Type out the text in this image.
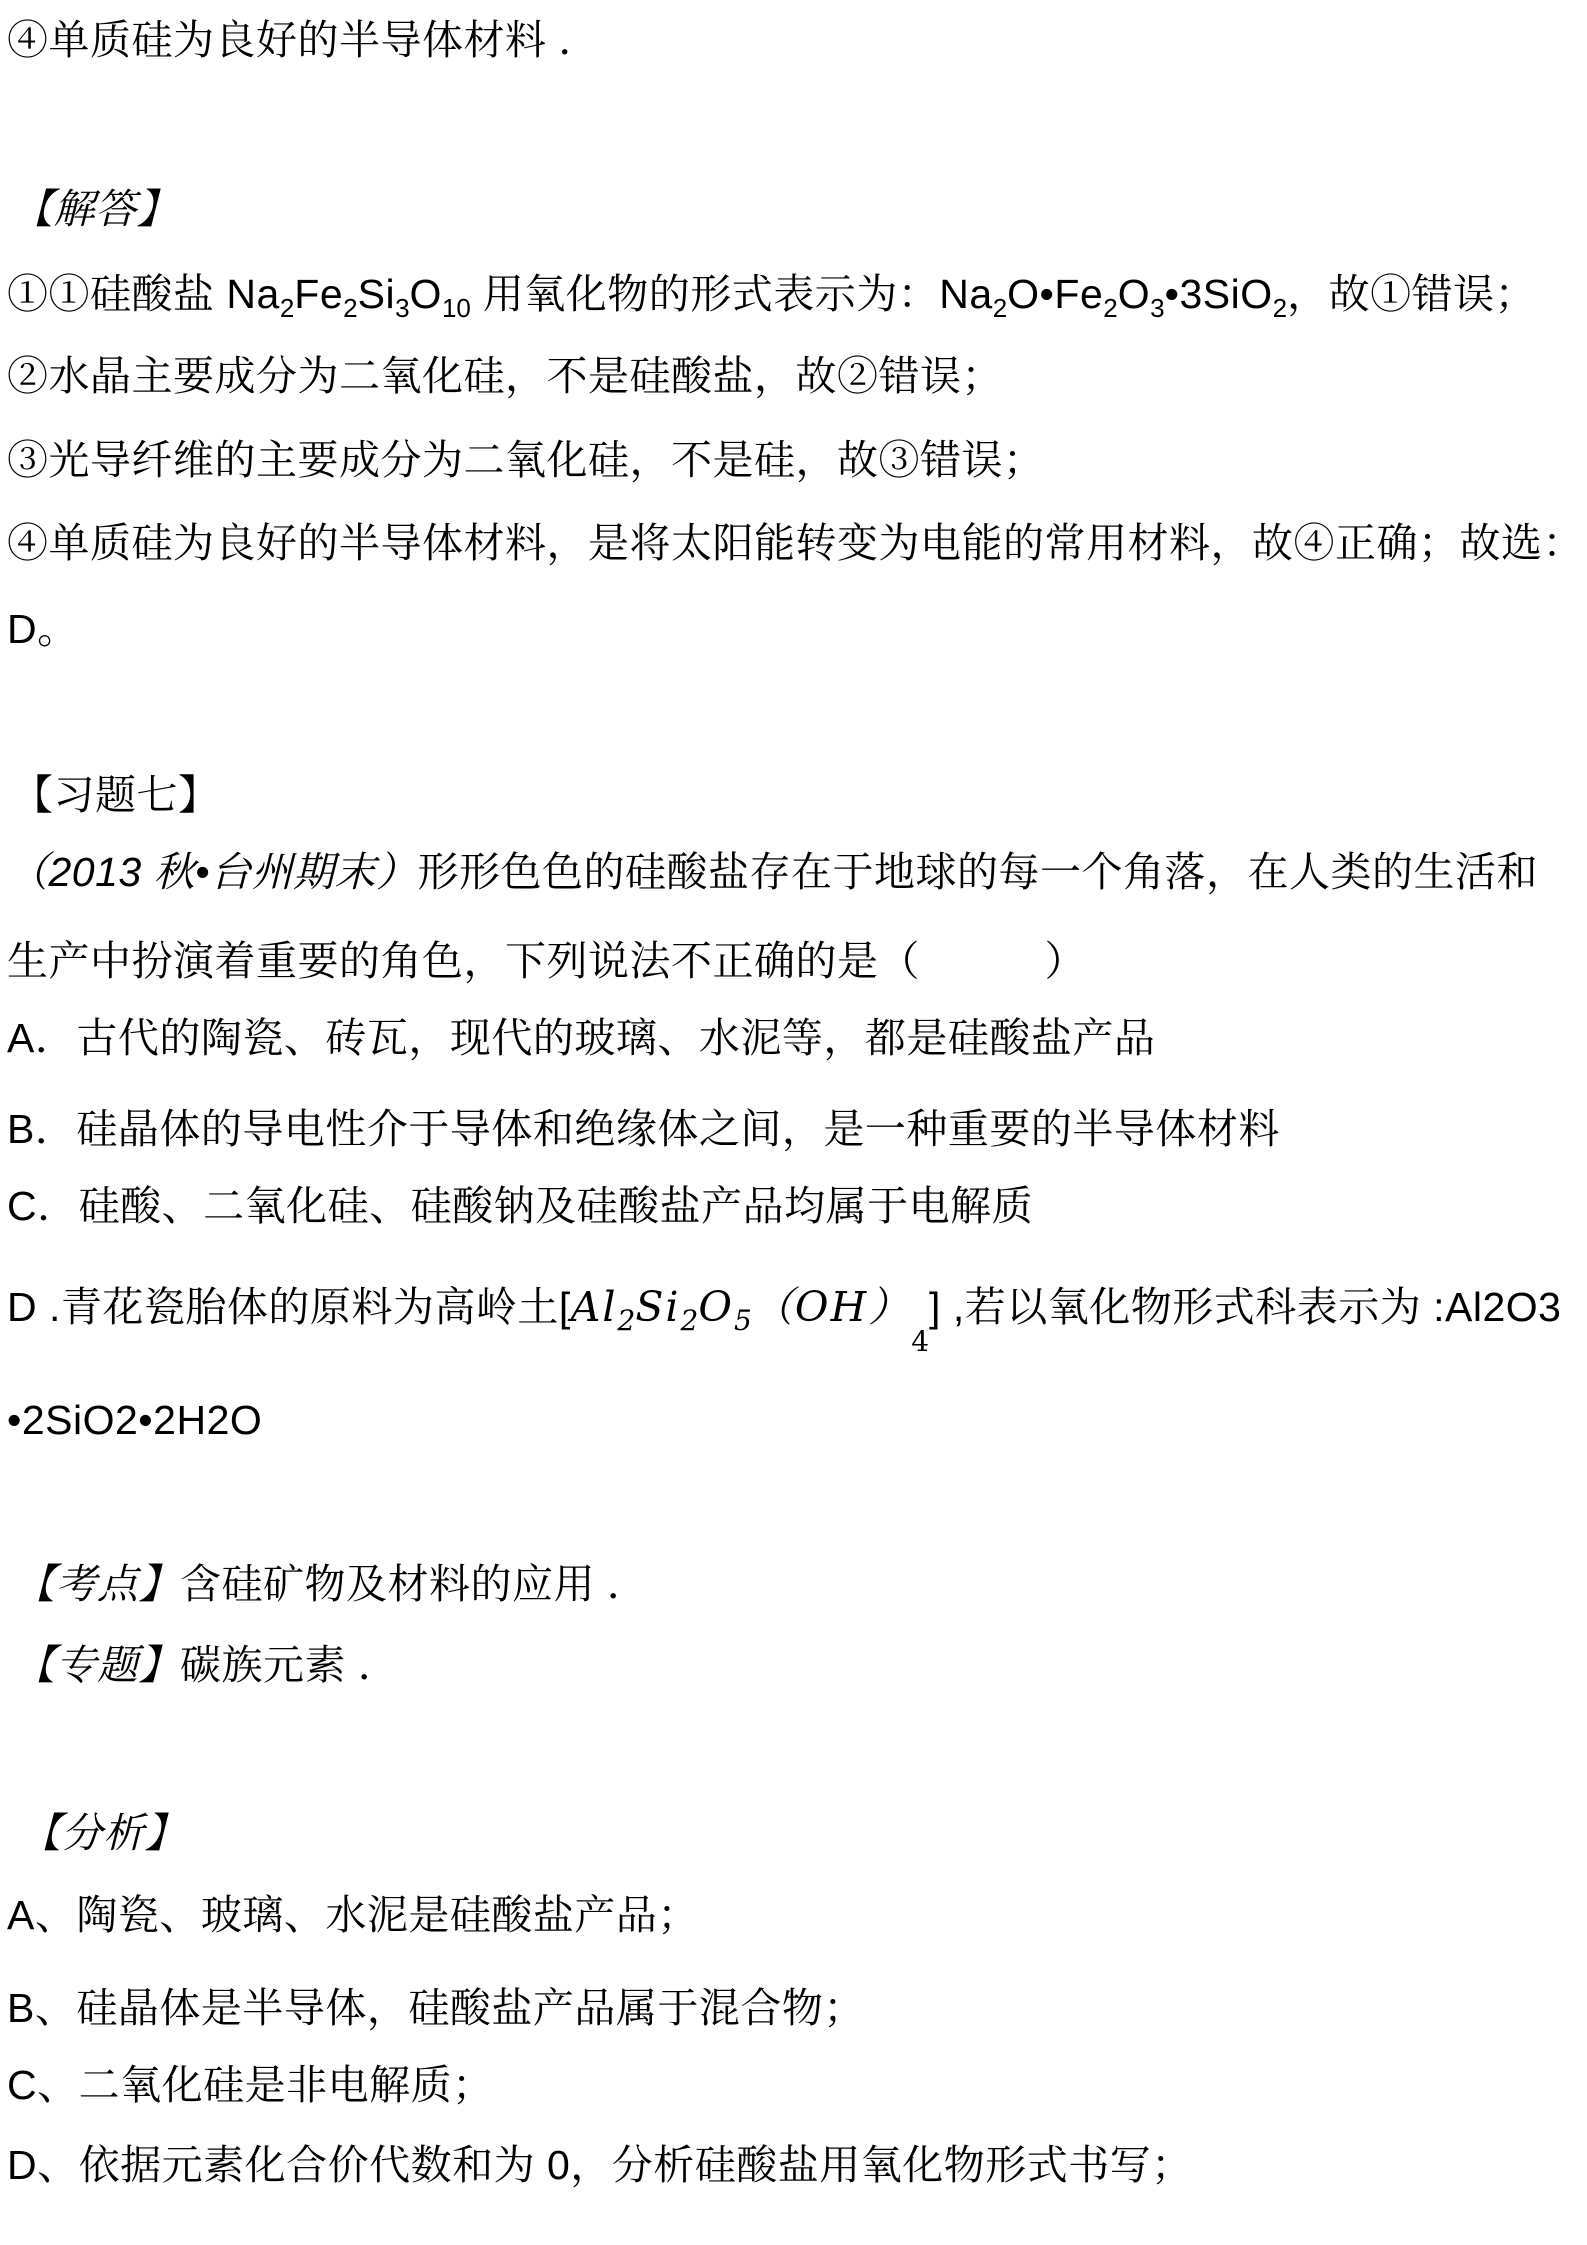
④单质硅为良好的半导体材料 ．
【解答】
①①硅酸盐 $Na_2Fe_2Si_3O_{10}$ 用氧化物的形式表示为：$Na_2O•Fe_2O_3•3SiO_2$，故①错误；
②水晶主要成分为二氧化硅，不是硅酸盐，故②错误；
③光导纤维的主要成分为二氧化硅，不是硅，故③错误；
④单质硅为良好的半导体材料，是将太阳能转变为电能的常用材料，故④正确；故选：
D。
【习题七】
（2013 秋•台州期末）形形色色的硅酸盐存在于地球的每一个角落，在人类的生活和
生产中扮演着重要的角色，下列说法不正确的是（　　　）
A．古代的陶瓷、砖瓦，现代的玻璃、水泥等，都是硅酸盐产品
B．硅晶体的导电性介于导体和绝缘体之间，是一种重要的半导体材料
C．硅酸、二氧化硅、硅酸钠及硅酸盐产品均属于电解质
D .青花瓷胎体的原料为高岭土$[Al_2Si_2O_5(OH)_4]$ ,若以氧化物形式科表示为 :Al2O3
•2SiO2•2H2O
【考点】含硅矿物及材料的应用 ．
【专题】碳族元素 ．
【分析】
A、陶瓷、玻璃、水泥是硅酸盐产品；
B、硅晶体是半导体，硅酸盐产品属于混合物；
C、二氧化硅是非电解质；
D、依据元素化合价代数和为 0，分析硅酸盐用氧化物形式书写；
